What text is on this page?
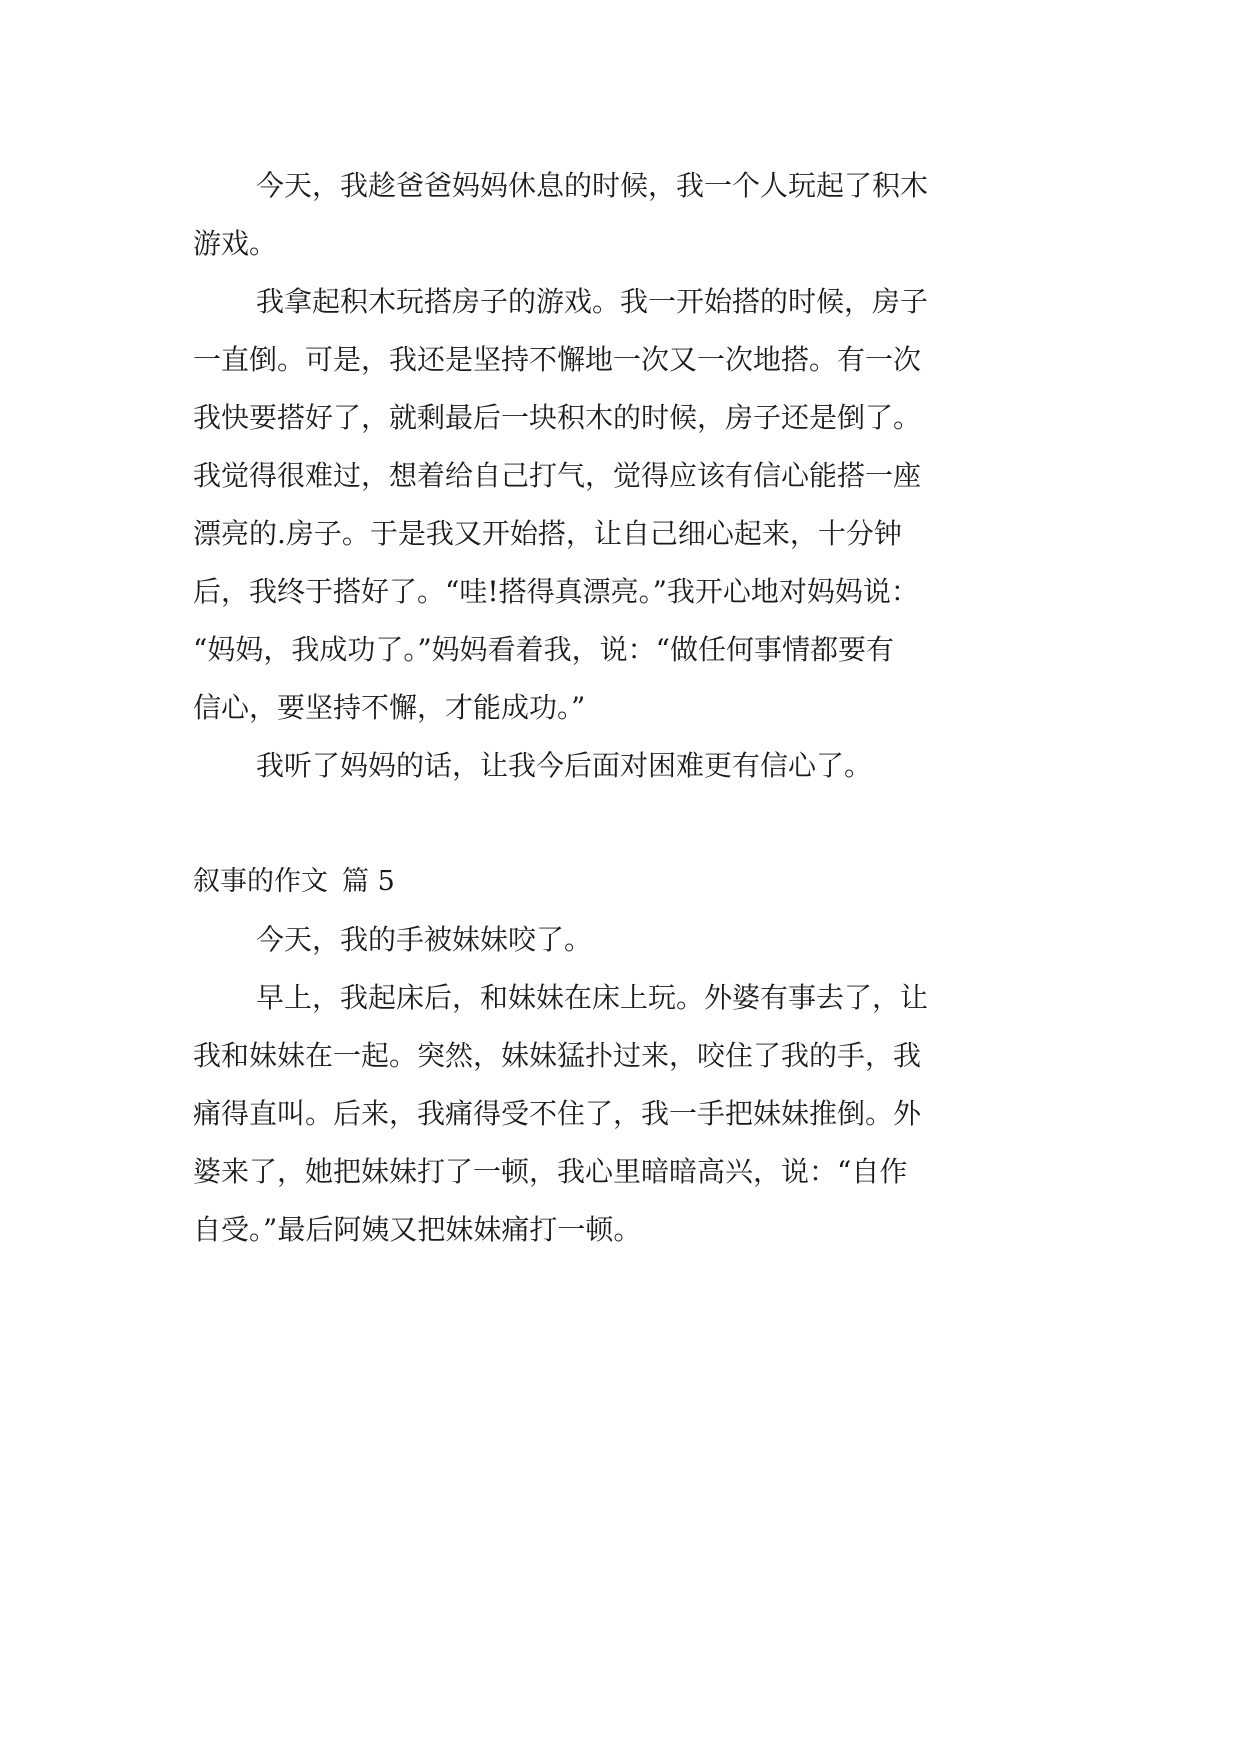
今天，我趁爸爸妈妈休息的时候，我一个人玩起了积木
游戏。
我拿起积木玩搭房子的游戏。我一开始搭的时候，房子
一直倒。可是，我还是坚持不懈地一次又一次地搭。有一次
我快要搭好了，就剩最后一块积木的时候，房子还是倒了。
我觉得很难过，想着给自己打气，觉得应该有信心能搭一座
漂亮的.房子。于是我又开始搭，让自己细心起来，十分钟
后，我终于搭好了。“哇!搭得真漂亮。”我开心地对妈妈说：
“妈妈，我成功了。”妈妈看着我，说：“做任何事情都要有
信心，要坚持不懈，才能成功。”
我听了妈妈的话，让我今后面对困难更有信心了。
叙事的作文 篇 5
今天，我的手被妹妹咬了。
早上，我起床后，和妹妹在床上玩。外婆有事去了，让
我和妹妹在一起。突然，妹妹猛扑过来，咬住了我的手，我
痛得直叫。后来，我痛得受不住了，我一手把妹妹推倒。外
婆来了，她把妹妹打了一顿，我心里暗暗高兴，说：“自作
自受。”最后阿姨又把妹妹痛打一顿。
